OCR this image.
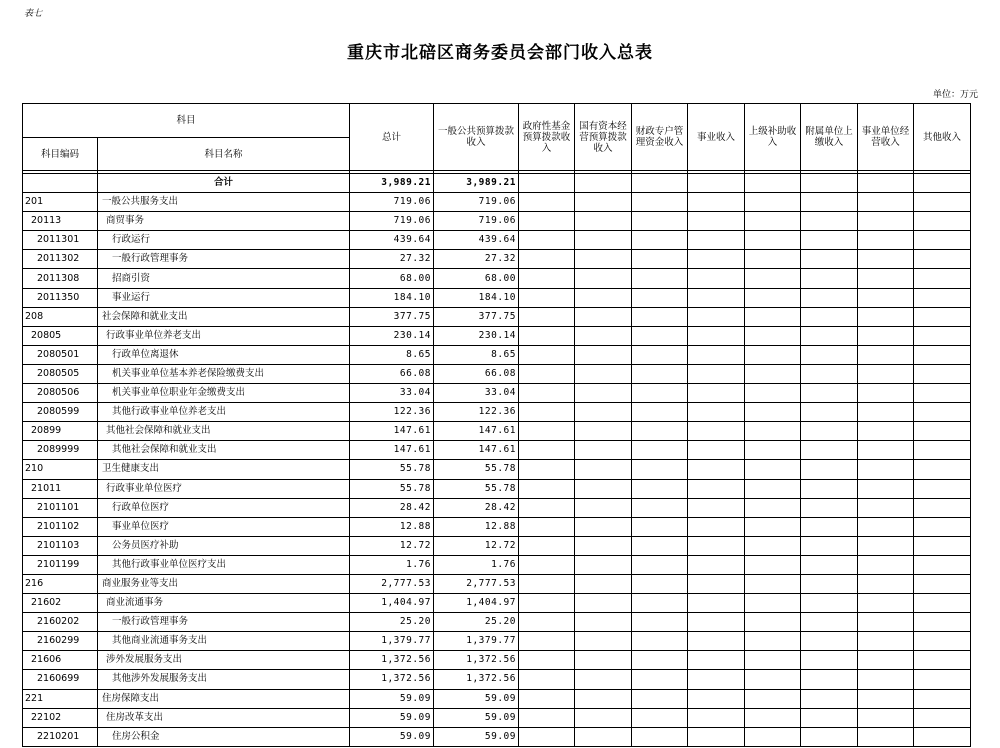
表七
重庆市北碚区商务委员会部门收入总表
单位：万元
科目		总计	一般公共预算拨款收入	政府性基金预算拨款收入	国有资本经营预算拨款收入	财政专户管理资金收入	事业收入	上级补助收入	附属单位上缴收入	事业单位经营收入	其他收入
科目编码	科目名称										

	合计	3,989.21	3,989.21								
201	一般公共服务支出	719.06	719.06								
20113	商贸事务	719.06	719.06								
2011301	行政运行	439.64	439.64								
2011302	一般行政管理事务	27.32	27.32								
2011308	招商引资	68.00	68.00								
2011350	事业运行	184.10	184.10								
208	社会保障和就业支出	377.75	377.75								
20805	行政事业单位养老支出	230.14	230.14								
2080501	行政单位离退休	8.65	8.65								
2080505	机关事业单位基本养老保险缴费支出	66.08	66.08								
2080506	机关事业单位职业年金缴费支出	33.04	33.04								
2080599	其他行政事业单位养老支出	122.36	122.36								
20899	其他社会保障和就业支出	147.61	147.61								
2089999	其他社会保障和就业支出	147.61	147.61								
210	卫生健康支出	55.78	55.78								
21011	行政事业单位医疗	55.78	55.78								
2101101	行政单位医疗	28.42	28.42								
2101102	事业单位医疗	12.88	12.88								
2101103	公务员医疗补助	12.72	12.72								
2101199	其他行政事业单位医疗支出	1.76	1.76								
216	商业服务业等支出	2,777.53	2,777.53								
21602	商业流通事务	1,404.97	1,404.97								
2160202	一般行政管理事务	25.20	25.20								
2160299	其他商业流通事务支出	1,379.77	1,379.77								
21606	涉外发展服务支出	1,372.56	1,372.56								
2160699	其他涉外发展服务支出	1,372.56	1,372.56								
221	住房保障支出	59.09	59.09								
22102	住房改革支出	59.09	59.09								
2210201	住房公积金	59.09	59.09								
